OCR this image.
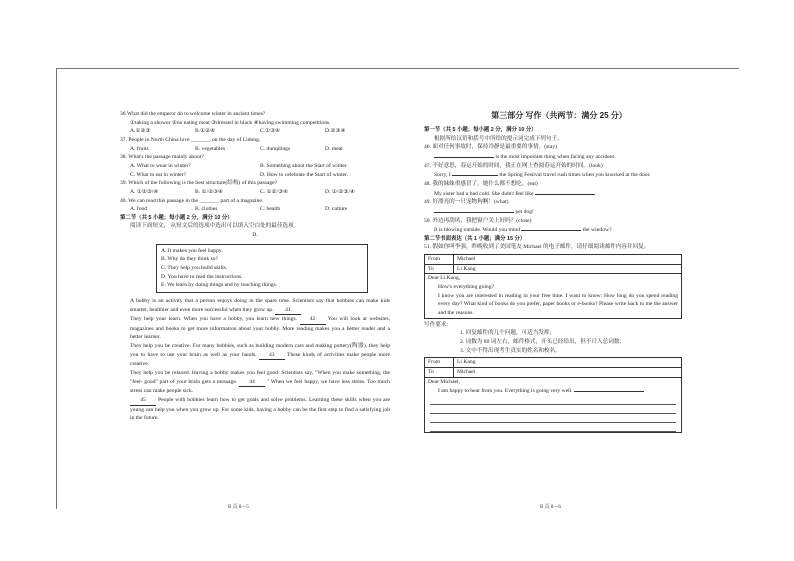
36.What did the emperor do to welcome winter in ancient times?
①taking a shower ②no eating meat ③dressed in black ④having swimming competitions.
A.①②③	B.①②④	C.①③④	D.②③④
37. People in North China love _______ on the day of Lidong.
A. fruits	B. vegetables	C. dumplings	D. meat
38. What's the passage mainly about?
A. What to wear in winter?	B. Something about the Start of winter.
C. What to eat in winter?	D. How to celebrate the Start of winter.
39. Which of the following is the best structure(结构) of this passage?
A. ①②③/④	B. ①/②③④	C. ①②/③④	D. ①/②③/④
40. We can read this passage in the _______ part of a magazine.
A. food	B. clothes	C. health	D. culture
第二节（共 5 小题；每小题 2 分，满分 10 分）
阅读下面短文， 从短文后的选项中选出可以填入空白处的最佳选项。
D.
A. It makes you feel happy.
B. Why do they think so?
C. They help you build skills.
D. You have to read the instructions.
E. We learn by doing things and by touching things.
A hobby is an activity that a person enjoys doing in the spare time. Scientists say that hobbies can make kids smarter, healthier and even more successful when they grow up. 41
They help your learn. When you have a hobby, you learn new things. 42 You will look at websites, magazines and books to get more information about your hobby. More reading makes you a better reader and a better learner.
They help you be creative. For many hobbies, such as building modern cars and making pottery(陶器), they help you to have to use your brain as well as your hands. 43 These kinds of activities make people more creative.
They help you be relaxed. Having a hobby makes you feel good. Scientists say, "When you make something, the "feel- good" part of your brain gets a message. 44 " When we feel happy, we have less stress. Too much stress can make people sick.
45 People with hobbies learn how to get goals and solve problems. Learning these skills when you are young can help you when you grow up. For some kids, having a hobby can be the first step to find a satisfying job in the future.
B 页 8—5
第三部分 写作（共两节：满分 25 分）
第一节（共 5 小题；每小题 2 分，满分 10 分）
根据所给汉语和括号中所给的提示词完成下列句子。
46. 面对任何事故时，保持冷静是最重要的事情。(stay)
is the most important thing when facing any accident.
47. 不好意思，春运开始的时间，我正在网上查阅春运开始的时间。(look)
Sorry, I	the Spring Festival travel rush times when you knocked at the door.
48. 我的妹妹重感冒了，她什么都不想吃。(eat)
My sister had a bad cold. She didn't feel like
49. 好漂亮的一只宠物狗啊！(what)
pet dog!
50. 外边再刮风，我把窗户关上好吗？(close)
It is blowing outside. Would you mind	the window?
第二节书面表达（共 1 小题；满分 15 分）
51. 假如你叫李强，昨晚收到了美国笔友 Michael 的电子邮件，请仔细阅读邮件内容并回复。
From	Michael
To	Li Kang

Dear Li Kang,
How's everything going?
I know you are interested in reading in your free time. I want to know: How long do you spend reading every day? What kind of books do you prefer, paper books or e-books? Please write back to me the answer and the reasons.	
写作要求：
1. 回复邮件的几个问题，可适当发挥；
2. 词数为 80 词左右，邮件格式，开头已经给出，但不计入总词数；
3. 文中不得出现考生真实的姓名和校名。
From	Li Kang
To	Michael

Dear Michael,
I am happy to hear from you. Everything is going very well.	
B 页 8—6
